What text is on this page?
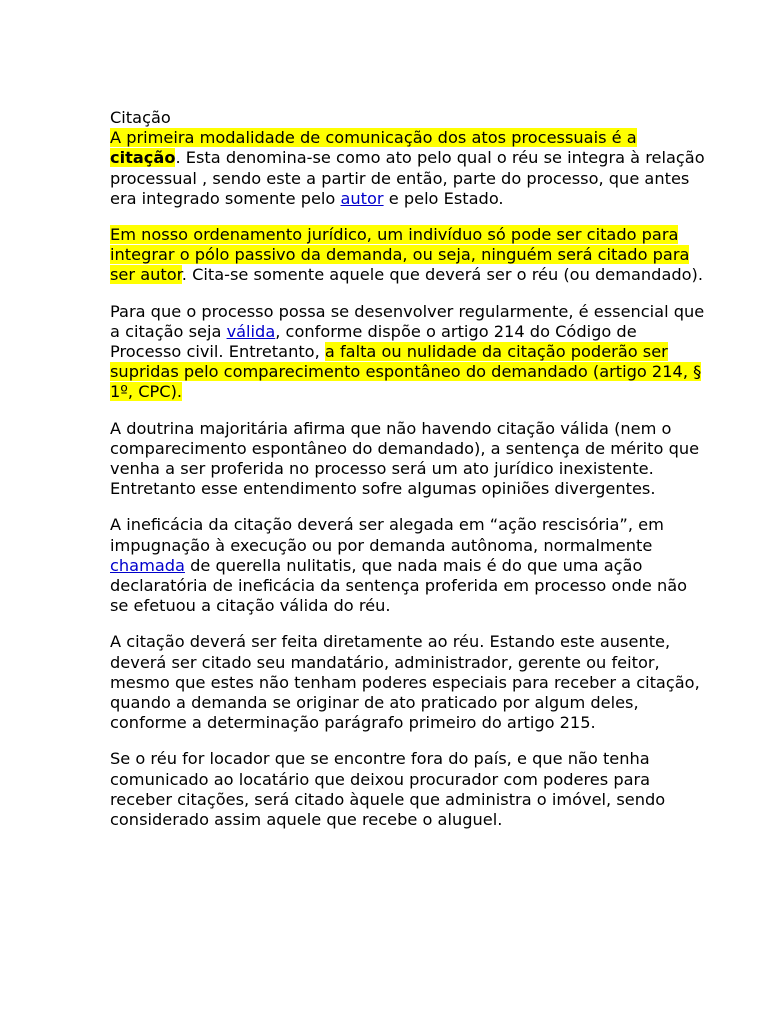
Citação

A primeira modalidade de comunicação dos atos processuais é a citação. Esta denomina-se como ato pelo qual o réu se integra à relação processual , sendo este a partir de então, parte do processo, que antes era integrado somente pelo autor e pelo Estado.

Em nosso ordenamento jurídico, um indivíduo só pode ser citado para integrar o pólo passivo da demanda, ou seja, ninguém será citado para ser autor. Cita-se somente aquele que deverá ser o réu (ou demandado).

Para que o processo possa se desenvolver regularmente, é essencial que a citação seja válida, conforme dispõe o artigo 214 do Código de Processo civil. Entretanto, a falta ou nulidade da citação poderão ser supridas pelo comparecimento espontâneo do demandado (artigo 214, § 1º, CPC).

A doutrina majoritária afirma que não havendo citação válida (nem o comparecimento espontâneo do demandado), a sentença de mérito que venha a ser proferida no processo será um ato jurídico inexistente. Entretanto esse entendimento sofre algumas opiniões divergentes.

A ineficácia da citação deverá ser alegada em “ação rescisória”, em impugnação à execução ou por demanda autônoma, normalmente chamada de querella nulitatis, que nada mais é do que uma ação declaratória de ineficácia da sentença proferida em processo onde não se efetuou a citação válida do réu.

A citação deverá ser feita diretamente ao réu. Estando este ausente, deverá ser citado seu mandatário, administrador, gerente ou feitor, mesmo que estes não tenham poderes especiais para receber a citação, quando a demanda se originar de ato praticado por algum deles, conforme a determinação parágrafo primeiro do artigo 215.

Se o réu for locador que se encontre fora do país, e que não tenha comunicado ao locatário que deixou procurador com poderes para receber citações, será citado àquele que administra o imóvel, sendo considerado assim aquele que recebe o aluguel.
